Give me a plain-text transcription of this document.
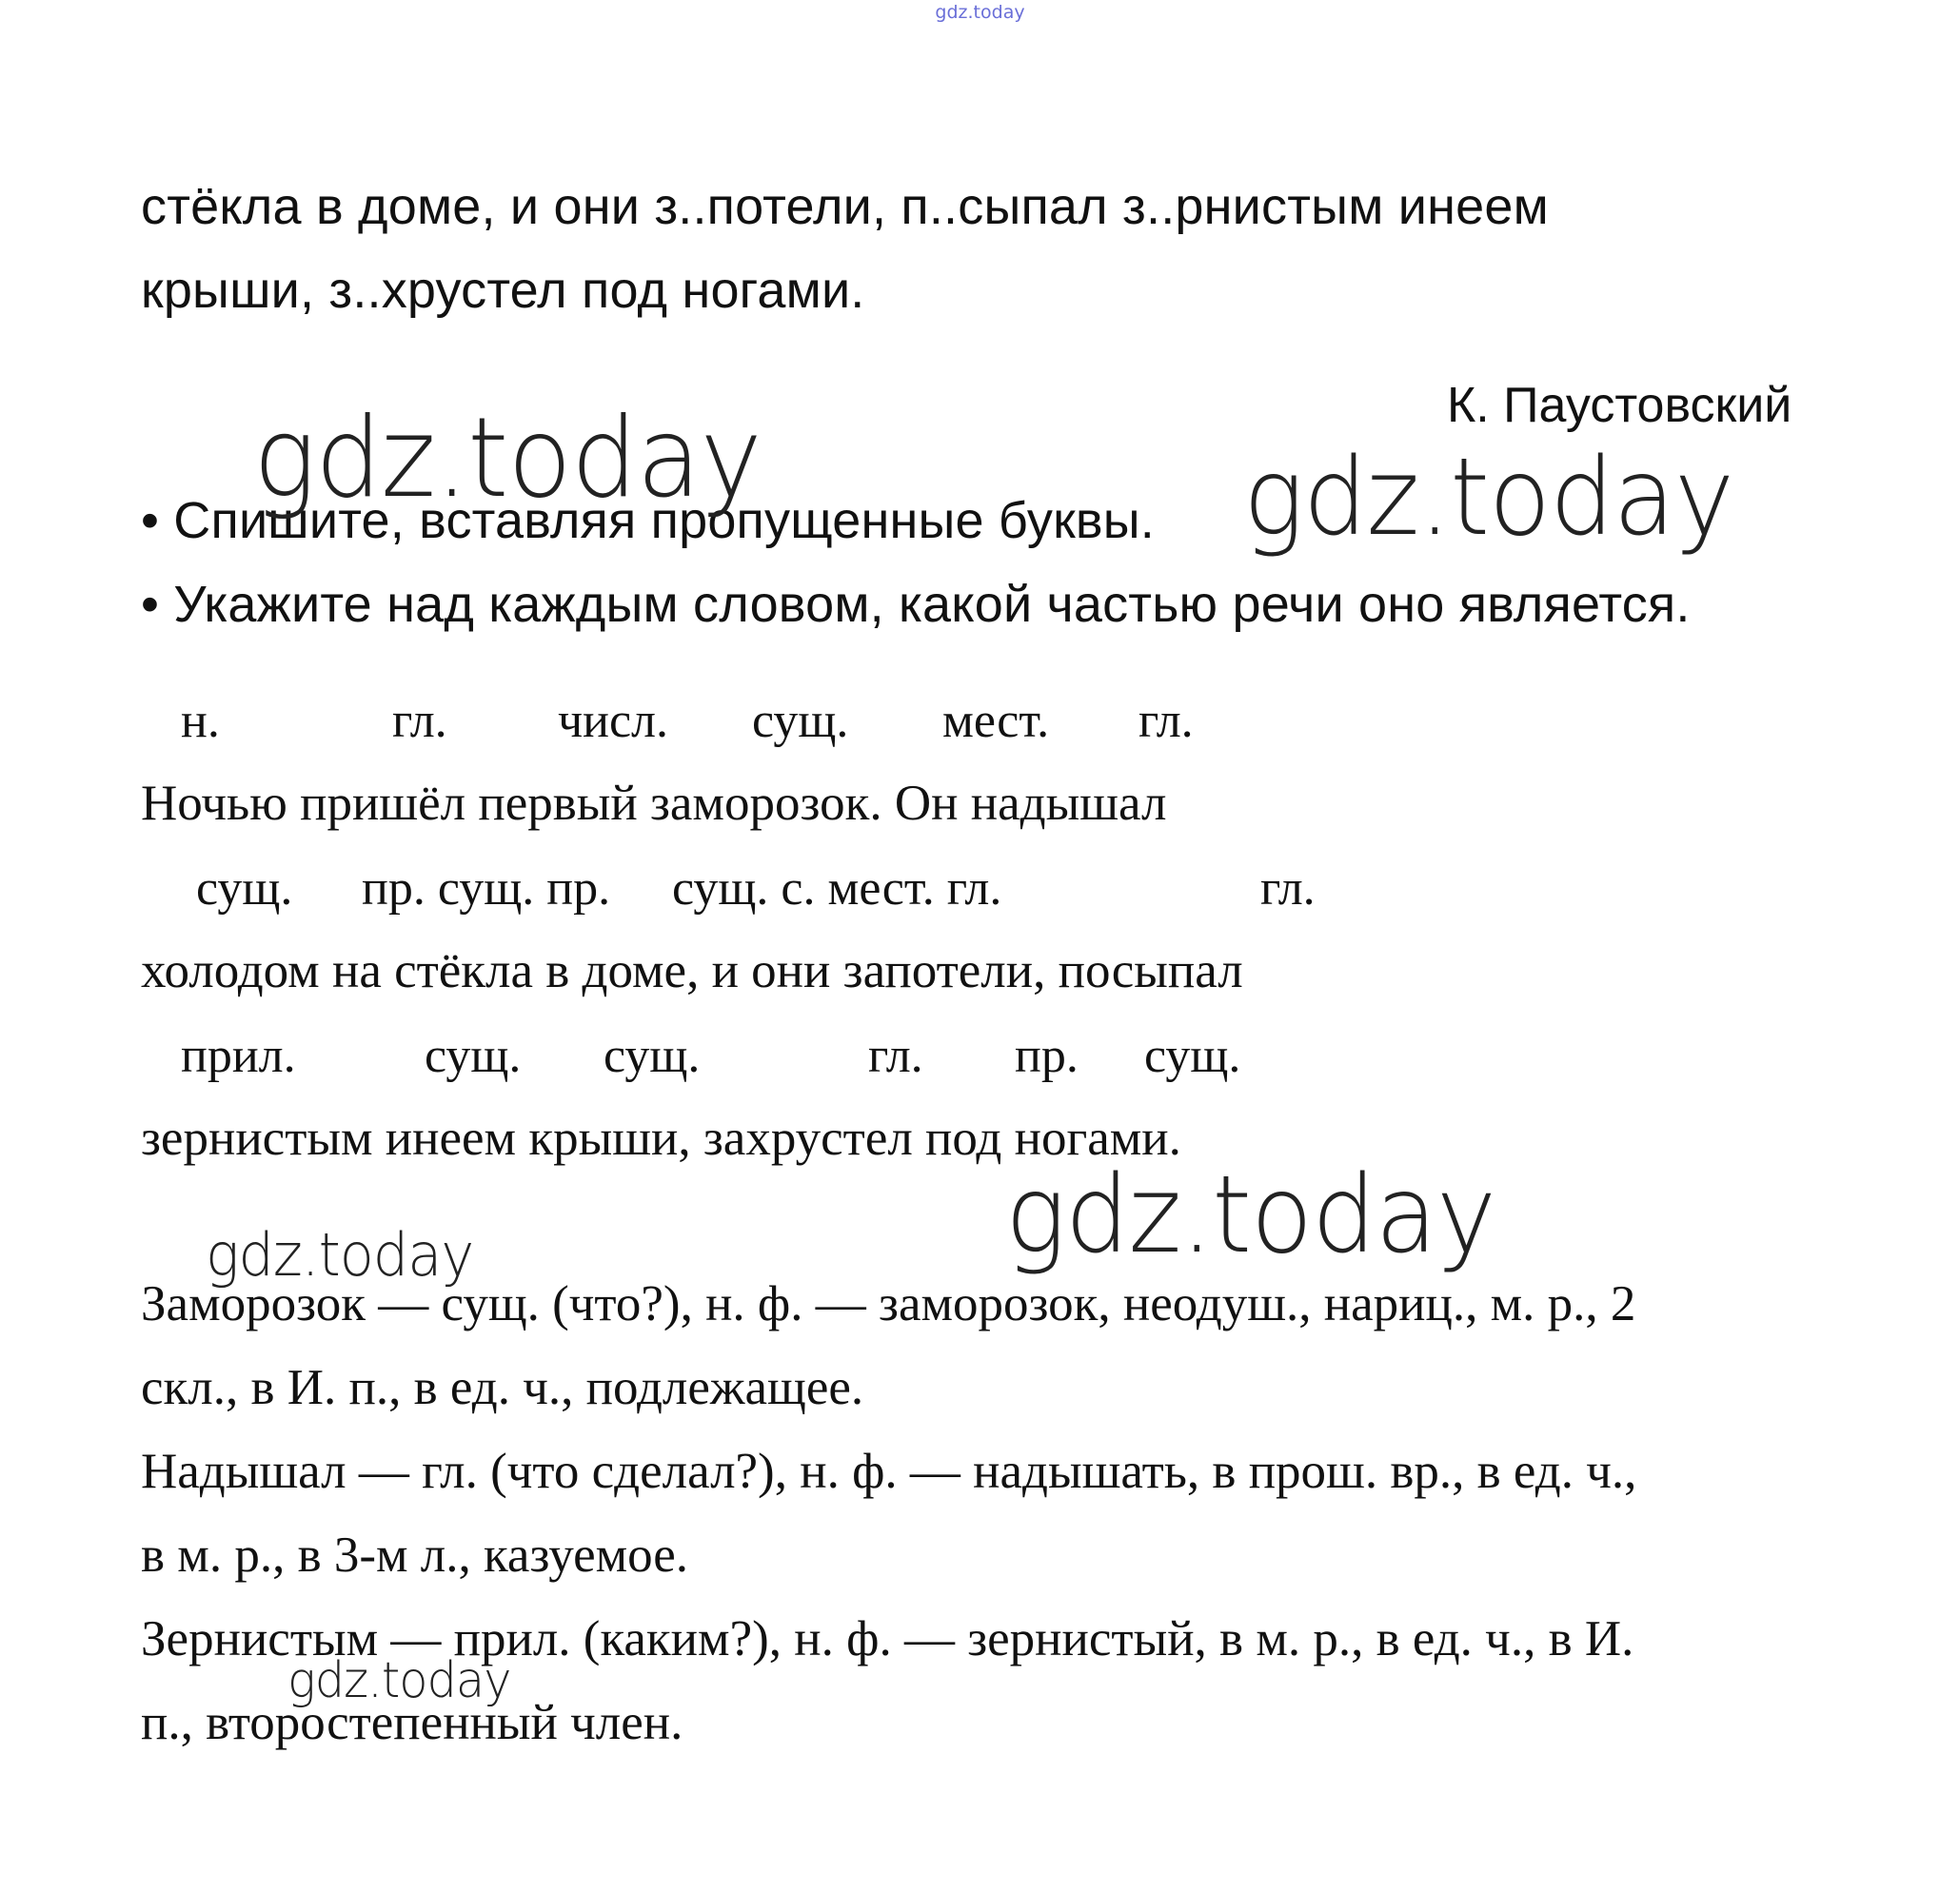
gdz.today
стёкла в доме, и они з..потели, п..сыпал з..рнистым инеем
крыши, з..хрустел под ногами.
К. Паустовский
• Спишите, вставляя пропущенные буквы.
• Укажите над каждым словом, какой частью речи оно является.
н.	гл. числ. сущ. мест. гл.
Ночью пришёл первый заморозок. Он надышал
сущ. пр. сущ. пр. сущ. с. мест. гл.	гл.
холодом на стёкла в доме, и они запотели, посыпал
прил.	сущ. сущ.	гл. пр. сущ.
зернистым инеем крыши, захрустел под ногами.
Заморозок — сущ. (что?), н. ф. — заморозок, неодуш., нариц., м. р., 2
скл., в И. п., в ед. ч., подлежащее.
Надышал — гл. (что сделал?), н. ф. — надышать, в прош. вр., в ед. ч.,
в м. р., в 3-м л., казуемое.
Зернистым — прил. (каким?), н. ф. — зернистый, в м. р., в ед. ч., в И.
п., второстепенный член.
gdz.today	gdz.today
gdz.today
gdz.today
gdz.today
